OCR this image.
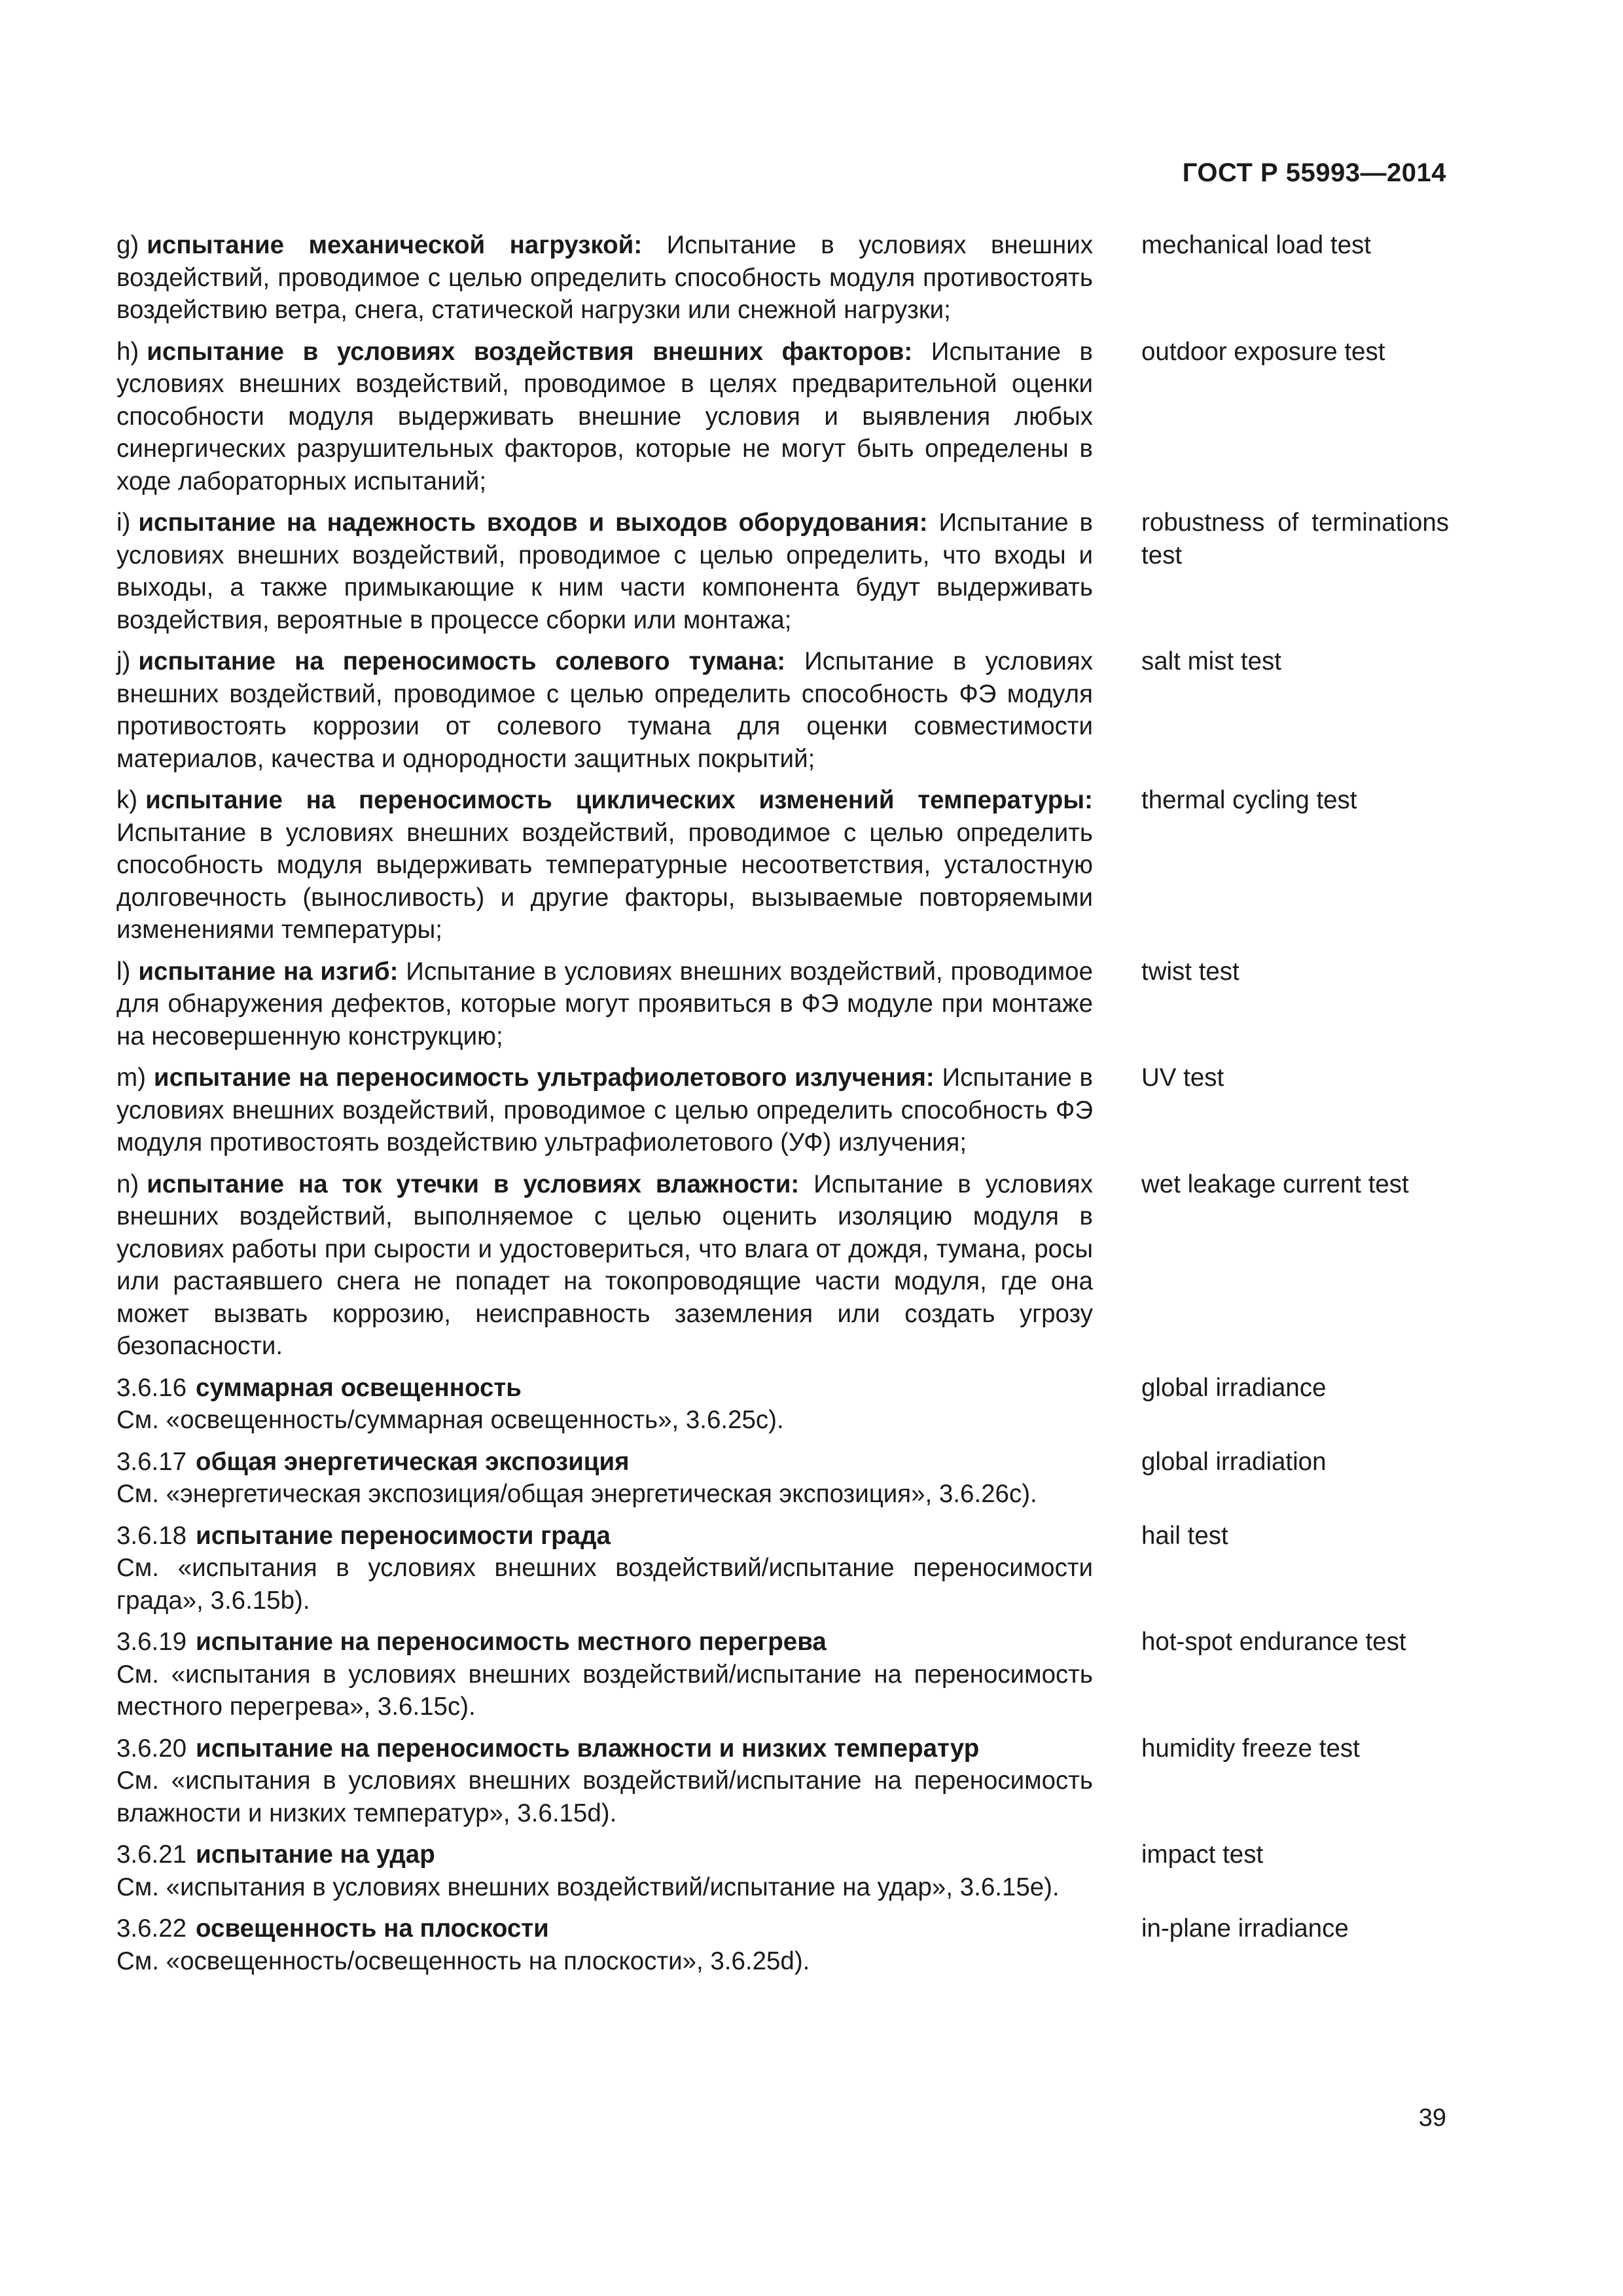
ГОСТ Р 55993—2014
g) испытание механической нагрузкой: Испытание в условиях внешних воздействий, проводимое с целью определить способность модуля противостоять воздействию ветра, снега, статической нагрузки или снежной нагрузки;
mechanical load test
h) испытание в условиях воздействия внешних факторов: Испытание в условиях внешних воздействий, проводимое в целях предварительной оценки способности модуля выдерживать внешние условия и выявления любых синергических разрушительных факторов, которые не могут быть определены в ходе лабораторных испытаний;
outdoor exposure test
i) испытание на надежность входов и выходов оборудования: Испытание в условиях внешних воздействий, проводимое с целью определить, что входы и выходы, а также примыкающие к ним части компонента будут выдерживать воздействия, вероятные в процессе сборки или монтажа;
robustness of terminations test
j) испытание на переносимость солевого тумана: Испытание в условиях внешних воздействий, проводимое с целью определить способность ФЭ модуля противостоять коррозии от солевого тумана для оценки совместимости материалов, качества и однородности защитных покрытий;
salt mist test
k) испытание на переносимость циклических изменений температуры: Испытание в условиях внешних воздействий, проводимое с целью определить способность модуля выдерживать температурные несоответствия, усталостную долговечность (выносливость) и другие факторы, вызываемые повторяемыми изменениями температуры;
thermal cycling test
l) испытание на изгиб: Испытание в условиях внешних воздействий, проводимое для обнаружения дефектов, которые могут проявиться в ФЭ модуле при монтаже на несовершенную конструкцию;
twist test
m) испытание на переносимость ультрафиолетового излучения: Испытание в условиях внешних воздействий, проводимое с целью определить способность ФЭ модуля противостоять воздействию ультрафиолетового (УФ) излучения;
UV test
n) испытание на ток утечки в условиях влажности: Испытание в условиях внешних воздействий, выполняемое с целью оценить изоляцию модуля в условиях работы при сырости и удостовериться, что влага от дождя, тумана, росы или растаявшего снега не попадет на токопроводящие части модуля, где она может вызвать коррозию, неисправность заземления или создать угрозу безопасности.
wet leakage current test
3.6.16 суммарная освещенность
См. «освещенность/суммарная освещенность», 3.6.25с).
global irradiance
3.6.17 общая энергетическая экспозиция
См. «энергетическая экспозиция/общая энергетическая экспозиция», 3.6.26с).
global irradiation
3.6.18 испытание переносимости града
См. «испытания в условиях внешних воздействий/испытание переносимости града», 3.6.15b).
hail test
3.6.19 испытание на переносимость местного перегрева
См. «испытания в условиях внешних воздействий/испытание на переносимость местного перегрева», 3.6.15с).
hot-spot endurance test
3.6.20 испытание на переносимость влажности и низких температур
См. «испытания в условиях внешних воздействий/испытание на переносимость влажности и низких температур», 3.6.15d).
humidity freeze test
3.6.21 испытание на удар
См. «испытания в условиях внешних воздействий/испытание на удар», 3.6.15е).
impact test
3.6.22 освещенность на плоскости
См. «освещенность/освещенность на плоскости», 3.6.25d).
in-plane irradiance
39
